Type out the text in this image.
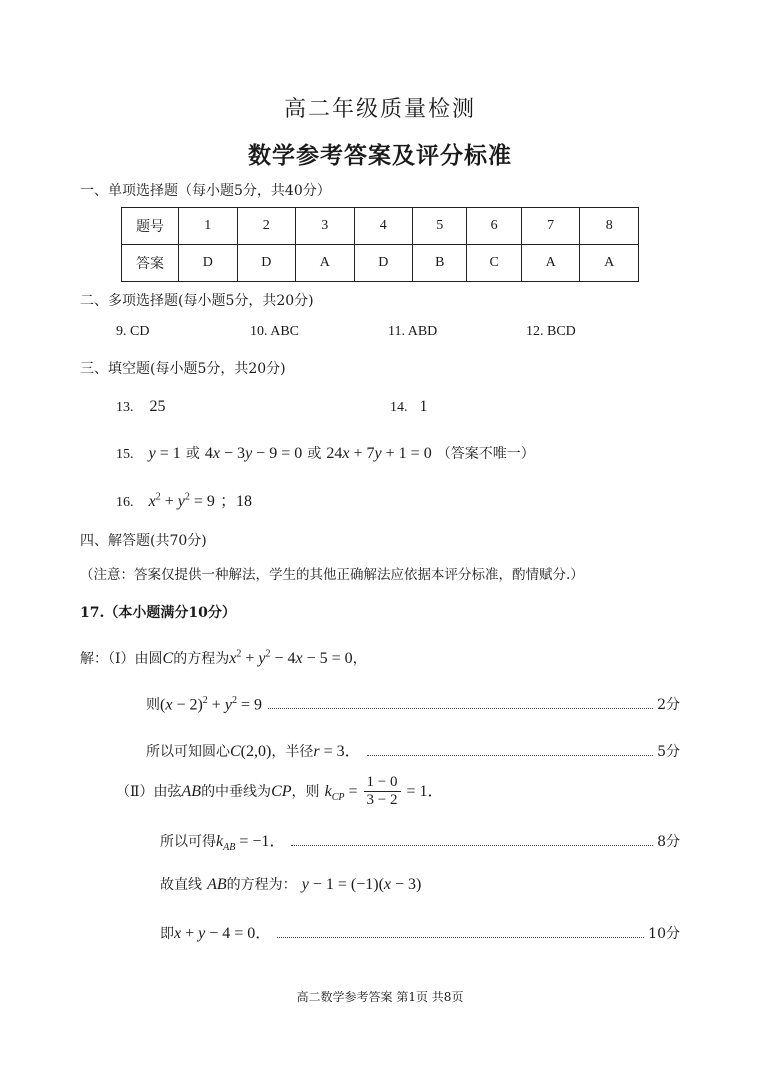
高二年级质量检测
数学参考答案及评分标准
一、单项选择题（每小题5分，共40分）
题号	1	2	3	4	5	6	7	8
答案	D	D	A	D	B	C	A	A
二、多项选择题(每小题5分，共20分)
9. CD	10. ABC	11. ABD	12. BCD
三、填空题(每小题5分，共20分)
13. 25	14. 1
15. y = 1 或 4x − 3y − 9 = 0 或 24x + 7y + 1 = 0 （答案不唯一）
16. $x^2 + y^2 = 9$ ；18
四、解答题(共70分)
（注意：答案仅提供一种解法，学生的其他正确解法应依据本评分标准，酌情赋分.）
17.（本小题满分10分）
解：（Ⅰ）由圆C的方程为$x^2 + y^2 - 4x - 5 = 0$，
则 $(x - 2)^2 + y^2 = 9$	2分
所以可知圆心 C(2,0) ，半径 r = 3．	5分
（Ⅱ）由弦AB的中垂线为CP，则 $k_{CP} = \frac{1 - 0}{3 - 2} = 1$．
所以可得 $k_{AB} = -1$．	8分
故直线 AB的方程为： y − 1 = (−1)(x − 3)
即 x + y − 4 = 0．	10分
高二数学参考答案 第1页 共8页
